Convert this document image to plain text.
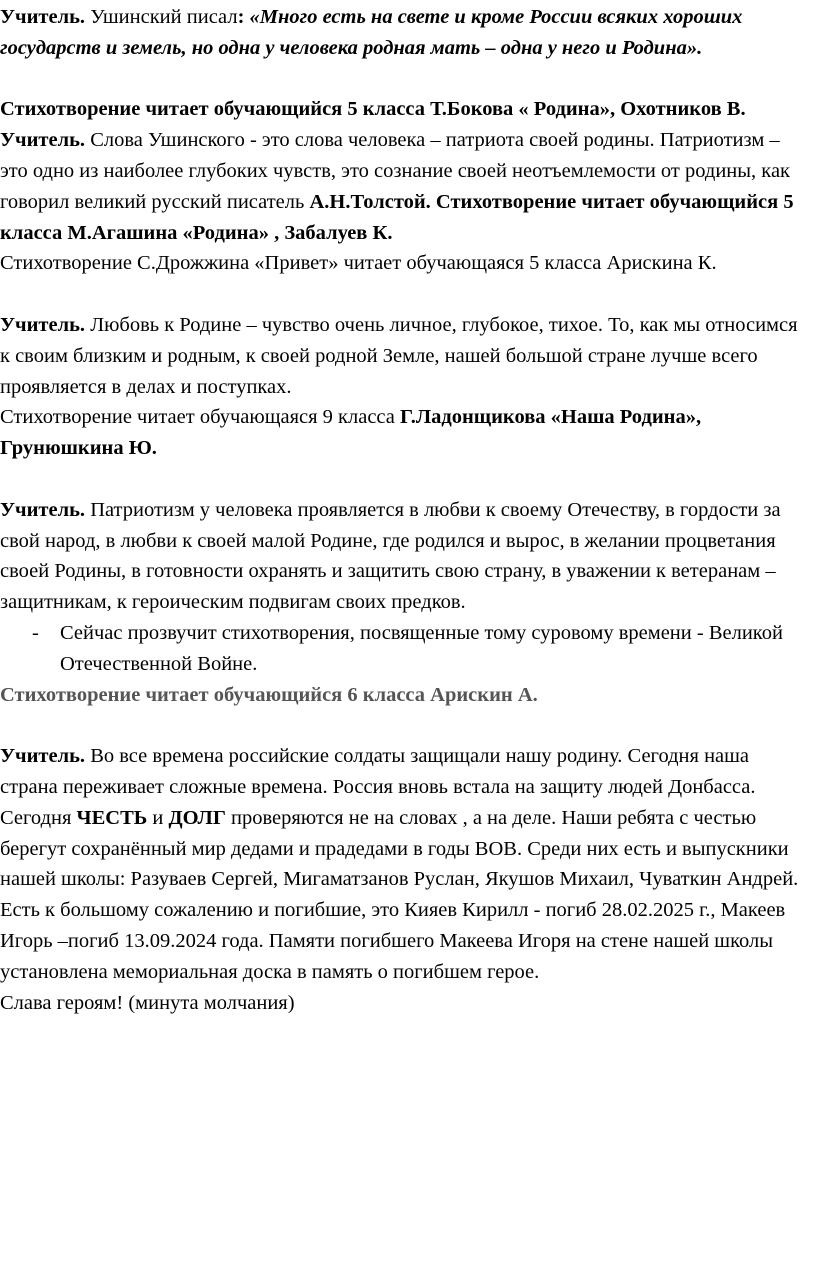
Учитель. Ушинский писал: «Много есть на свете и кроме России всяких хороших государств и земель, но одна у человека родная мать – одна у него и Родина».

Стихотворение читает обучающийся 5 класса Т.Бокова « Родина», Охотников В.

Учитель. Слова Ушинского - это слова человека – патриота своей родины. Патриотизм – это одно из наиболее глубоких чувств, это сознание своей неотъемлемости от родины, как говорил великий русский писатель А.Н.Толстой. Стихотворение читает обучающийся 5 класса М.Агашина «Родина» , Забалуев К.

Стихотворение С.Дрожжина «Привет» читает обучающаяся 5 класса Арискина К.

Учитель. Любовь к Родине – чувство очень личное, глубокое, тихое. То, как мы относимся к своим близким и родным, к своей родной Земле, нашей большой стране лучше всего проявляется в делах и поступках.

Стихотворение читает обучающаяся 9 класса Г.Ладонщикова «Наша Родина», Грунюшкина Ю.

Учитель. Патриотизм у человека проявляется в любви к своему Отечеству, в гордости за свой народ, в любви к своей малой Родине, где родился и вырос, в желании процветания своей Родины, в готовности охранять и защитить свою страну, в уважении к ветеранам – защитникам, к героическим подвигам своих предков.

-	Сейчас прозвучит стихотворения, посвященные тому суровому времени - Великой Отечественной Войне.

Стихотворение читает обучающийся 6 класса Арискин А.

Учитель. Во все времена российские солдаты защищали нашу родину. Сегодня наша страна переживает сложные времена. Россия вновь встала на защиту людей Донбасса. Сегодня ЧЕСТЬ и ДОЛГ проверяются не на словах , а на деле. Наши ребята с честью берегут сохранённый мир дедами и прадедами в годы ВОВ. Среди них есть и выпускники нашей школы: Разуваев Сергей, Мигаматзанов Руслан, Якушов Михаил, Чуваткин Андрей. Есть к большому сожалению и погибшие, это Кияев Кирилл - погиб 28.02.2025 г., Макеев Игорь –погиб 13.09.2024 года. Памяти погибшего Макеева Игоря на стене нашей школы установлена мемориальная доска в память о погибшем герое.

Слава героям! (минута молчания)
